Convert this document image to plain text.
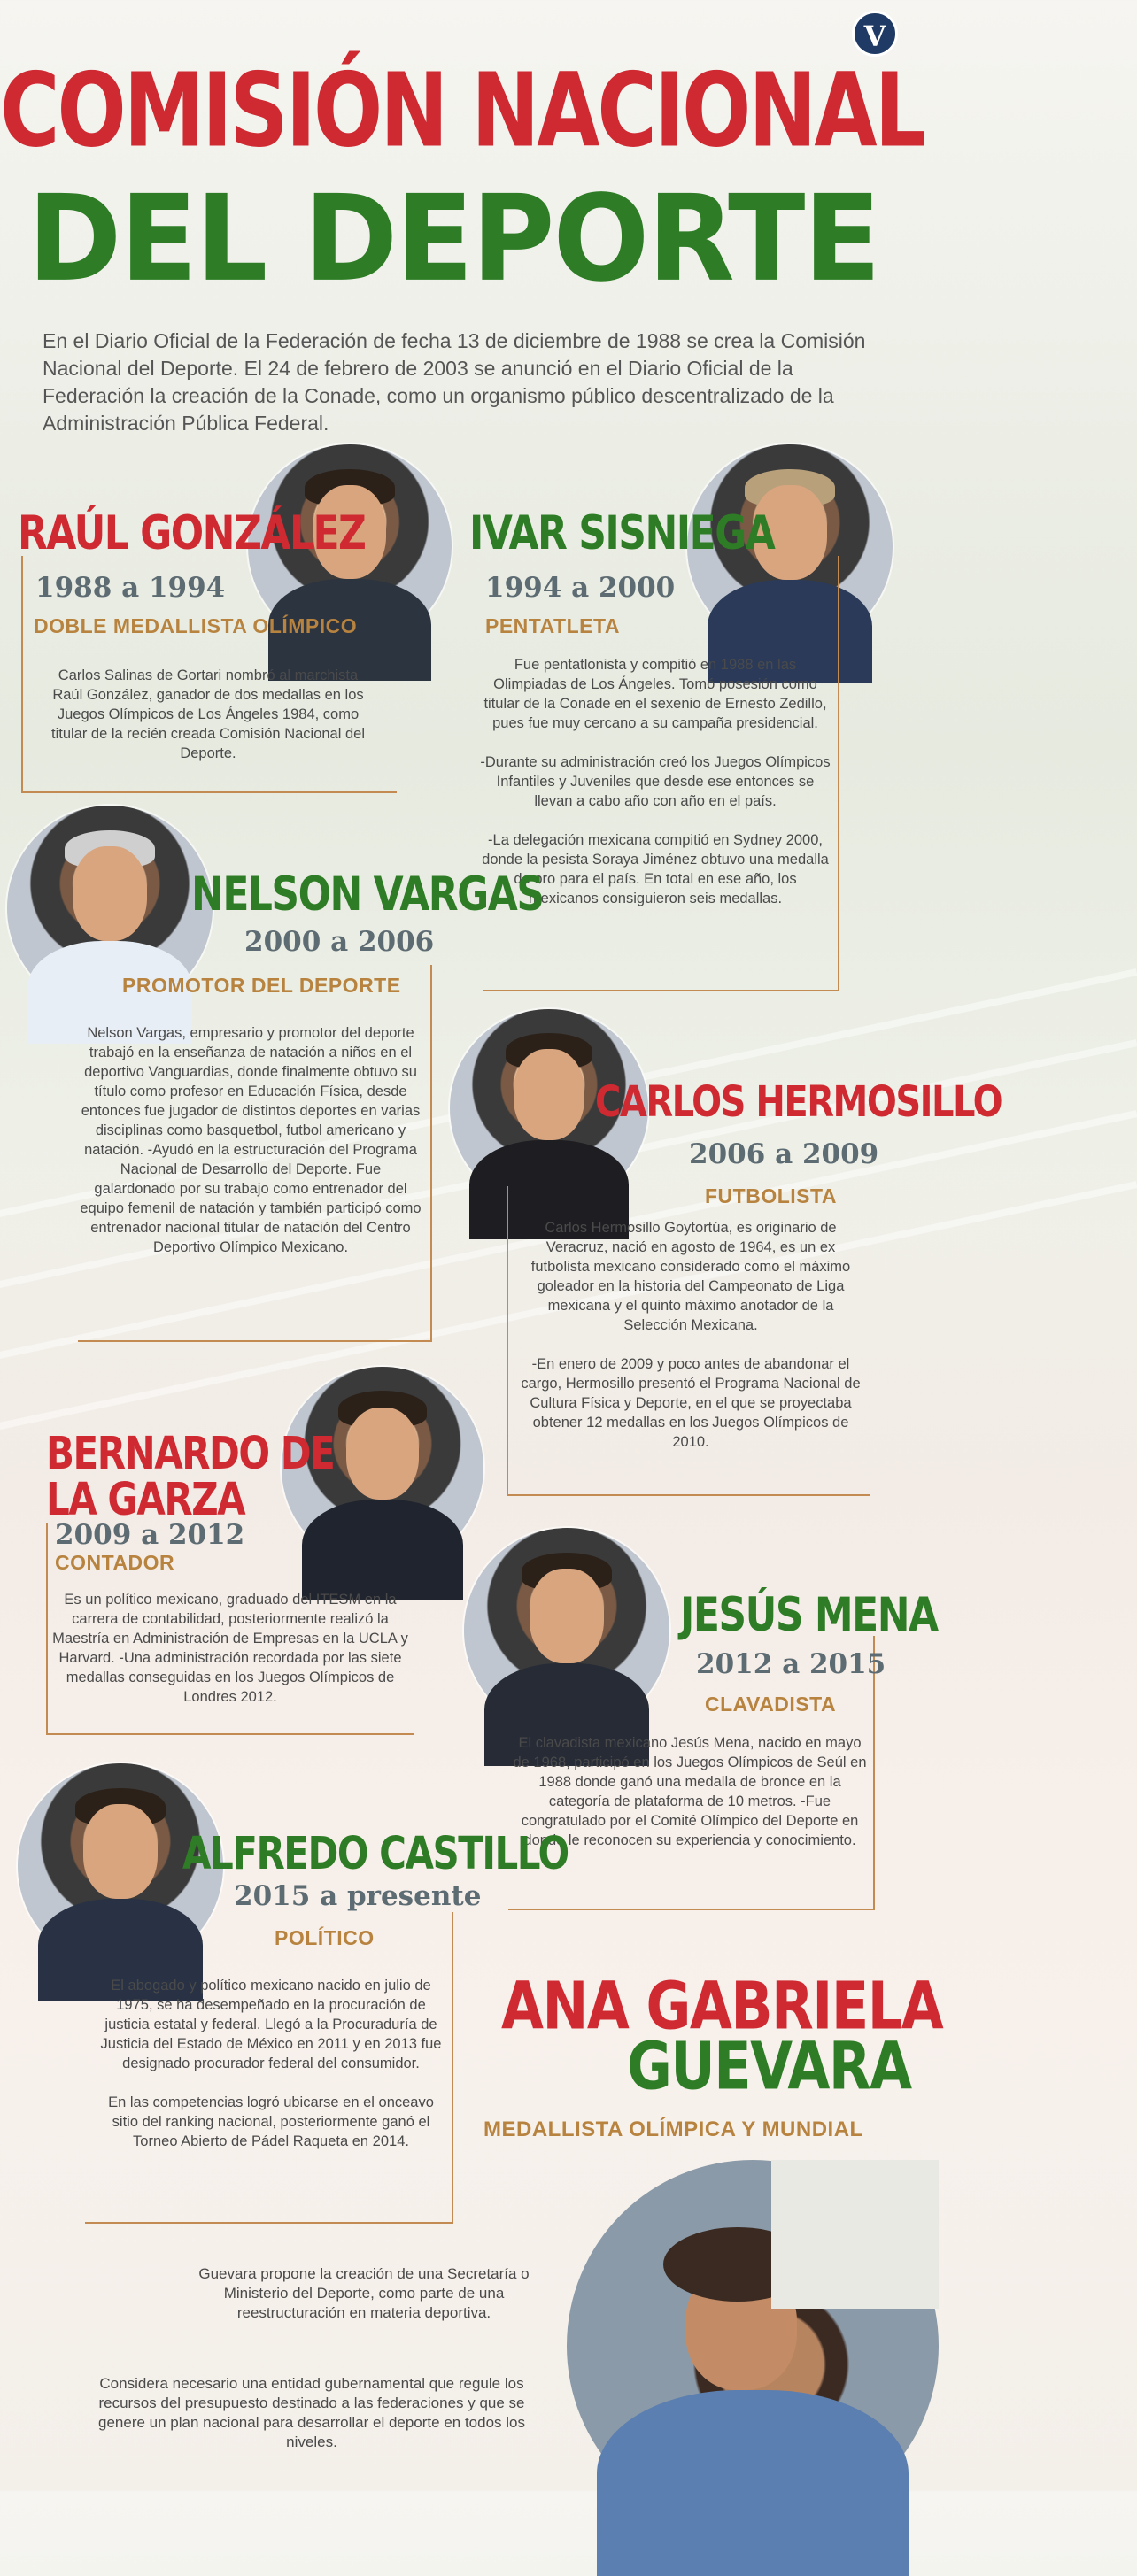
V
COMISIÓN NACIONAL
DEL DEPORTE
En el Diario Oficial de la Federación de fecha 13 de diciembre de 1988 se crea la Comisión Nacional del Deporte. El 24 de febrero de 2003 se anunció en el Diario Oficial de la Federación la creación de la Conade, como un organismo público descentralizado de la Administración Pública Federal.
RAÚL GONZÁLEZ
1988 a 1994
DOBLE MEDALLISTA OLÍMPICO

Carlos Salinas de Gortari nombró al marchista Raúl González, ganador de dos medallas en los Juegos Olímpicos de Los Ángeles 1984, como titular de la recién creada Comisión Nacional del Deporte.

IVAR SISNIEGA
1994 a 2000
PENTATLETA

Fue pentatlonista y compitió en 1988 en las Olimpiadas de Los Ángeles. Tomó posesión como titular de la Conade en el sexenio de Ernesto Zedillo, pues fue muy cercano a su campaña presidencial.

-Durante su administración creó los Juegos Olímpicos Infantiles y Juveniles que desde ese entonces se llevan a cabo año con año en el país.

-La delegación mexicana compitió en Sydney 2000, donde la pesista Soraya Jiménez obtuvo una medalla de oro para el país. En total en ese año, los mexicanos consiguieron seis medallas.

NELSON VARGAS
2000 a 2006
PROMOTOR DEL DEPORTE

Nelson Vargas, empresario y promotor del deporte trabajó en la enseñanza de natación a niños en el deportivo Vanguardias, donde finalmente obtuvo su título como profesor en Educación Física, desde entonces fue jugador de distintos deportes en varias disciplinas como basquetbol, futbol americano y natación. -Ayudó en la estructuración del Programa Nacional de Desarrollo del Deporte. Fue galardonado por su trabajo como entrenador del equipo femenil de natación y también participó como entrenador nacional titular de natación del Centro Deportivo Olímpico Mexicano.

CARLOS HERMOSILLO
2006 a 2009
FUTBOLISTA

Carlos Hermosillo Goytortúa, es originario de Veracruz, nació en agosto de 1964, es un ex futbolista mexicano considerado como el máximo goleador en la historia del Campeonato de Liga mexicana y el quinto máximo anotador de la Selección Mexicana.

-En enero de 2009 y poco antes de abandonar el cargo, Hermosillo presentó el Programa Nacional de Cultura Física y Deporte, en el que se proyectaba obtener 12 medallas en los Juegos Olímpicos de 2010.

BERNARDO DE
LA GARZA
2009 a 2012
CONTADOR

Es un político mexicano, graduado del ITESM en la carrera de contabilidad, posteriormente realizó la Maestría en Administración de Empresas en la UCLA y Harvard. -Una administración recordada por las siete medallas conseguidas en los Juegos Olímpicos de Londres 2012.

JESÚS MENA
2012 a 2015
CLAVADISTA

El clavadista mexicano Jesús Mena, nacido en mayo de 1968, participó en los Juegos Olímpicos de Seúl en 1988 donde ganó una medalla de bronce en la categoría de plataforma de 10 metros. -Fue congratulado por el Comité Olímpico del Deporte en donde le reconocen su experiencia y conocimiento.

ALFREDO CASTILLO
2015 a presente
POLÍTICO

El abogado y político mexicano nacido en julio de 1975, se ha desempeñado en la procuración de justicia estatal y federal. Llegó a la Procuraduría de Justicia del Estado de México en 2011 y en 2013 fue designado procurador federal del consumidor.

En las competencias logró ubicarse en el onceavo sitio del ranking nacional, posteriormente ganó el Torneo Abierto de Pádel Raqueta en 2014.

ANA GABRIELA
GUEVARA
MEDALLISTA OLÍMPICA Y MUNDIAL
Guevara propone la creación de una Secretaría o Ministerio del Deporte, como parte de una reestructuración en materia deportiva.
Considera necesario una entidad gubernamental que regule los recursos del presupuesto destinado a las federaciones y que se genere un plan nacional para desarrollar el deporte en todos los niveles.
